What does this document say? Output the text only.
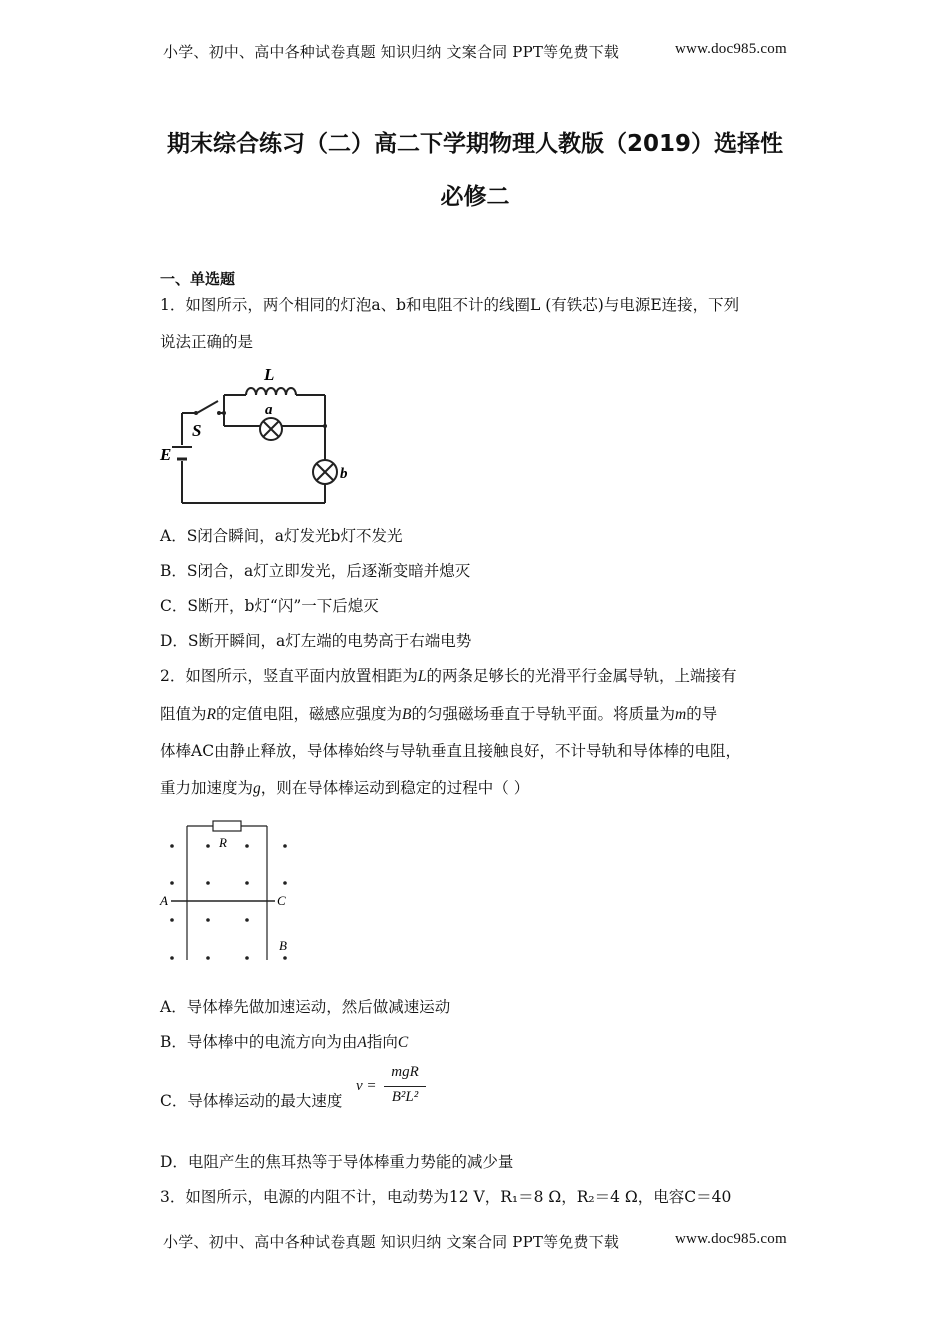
小学、初中、高中各种试卷真题 知识归纳 文案合同 PPT等免费下载	www.doc985.com
期末综合练习（二）高二下学期物理人教版（2019）选择性
必修二
一、单选题
1．如图所示，两个相同的灯泡a、b和电阻不计的线圈L (有铁芯)与电源E连接，下列
说法正确的是
L
a
S
E
b
A．S闭合瞬间，a灯发光b灯不发光
B．S闭合，a灯立即发光，后逐渐变暗并熄灭
C．S断开，b灯“闪”一下后熄灭
D．S断开瞬间，a灯左端的电势高于右端电势
2．如图所示，竖直平面内放置相距为L的两条足够长的光滑平行金属导轨，上端接有
阻值为R的定值电阻，磁感应强度为B的匀强磁场垂直于导轨平面。将质量为m的导
体棒AC由静止释放，导体棒始终与导轨垂直且接触良好，不计导轨和导体棒的电阻，
重力加速度为g，则在导体棒运动到稳定的过程中（ ）
R
A	C
B
A．导体棒先做加速运动，然后做减速运动
B．导体棒中的电流方向为由A指向C
C．导体棒运动的最大速度
v =
mgR
B²L²
D．电阻产生的焦耳热等于导体棒重力势能的减少量
3．如图所示，电源的内阻不计，电动势为12 V，R₁＝8 Ω，R₂＝4 Ω，电容C＝40
小学、初中、高中各种试卷真题 知识归纳 文案合同 PPT等免费下载	www.doc985.com
